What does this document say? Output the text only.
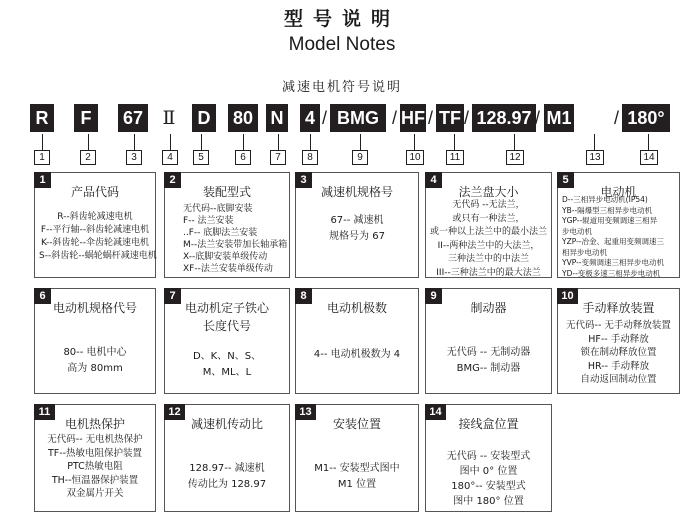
型号说明
Model Notes
减速电机符号说明
R	F	67 Ⅱ	D	80 N 4	BMG
/	HF
/ TF
/ 128.97
/	M1
/	180°
/
1	2	3	4	5	6	7	8	9	10	11	12	13	14
1
产品代码
R--斜齿轮减速电机
F--平行轴--斜齿轮减速电机
K--斜齿轮--伞齿轮减速电机
S--斜齿轮--蜗轮蜗杆减速电机
2
装配型式
无代码--底脚安装
F-- 法兰安装
..F-- 底脚法兰安装
M--法兰安装带加长轴承箱
X--底脚安装单级传动
XF--法兰安装单级传动
3
减速机规格号
67-- 减速机
规格号为 67
4
法兰盘大小
无代码 --无法兰，
或只有一种法兰，
或一种以上法兰中的最小法兰
II--两种法兰中的大法兰，
三种法兰中的中法兰
III--三种法兰中的最大法兰
5
电动机
D--三相异步电动机(IP54)
YB--隔爆型三相异步电动机
YGP--辊道用变频调速三相异
步电动机
YZP--冶金、起重用变频调速三
相异步电动机
YVP--变频调速三相异步电动机
YD--变极多速三相异步电动机
6
电动机规格代号
80-- 电机中心
高为 80mm
7
电动机定子铁心
长度代号
D、K、N、S、
M、ML、L
8
电动机极数
4-- 电动机极数为 4
9
制动器
无代码 -- 无制动器
BMG-- 制动器
10
手动释放装置
无代码-- 无手动释放装置
HF-- 手动释放
锁在制动释放位置
HR-- 手动释放
自动返回制动位置
11
电机热保护
无代码-- 无电机热保护
TF--热敏电阻保护装置
PTC热敏电阻
TH--恒温器保护装置
双金属片开关
12
减速机传动比
128.97-- 减速机
传动比为 128.97
13
安装位置
M1-- 安装型式图中
M1 位置
14
接线盒位置
无代码 -- 安装型式
图中 0° 位置
180°-- 安装型式
图中 180° 位置
